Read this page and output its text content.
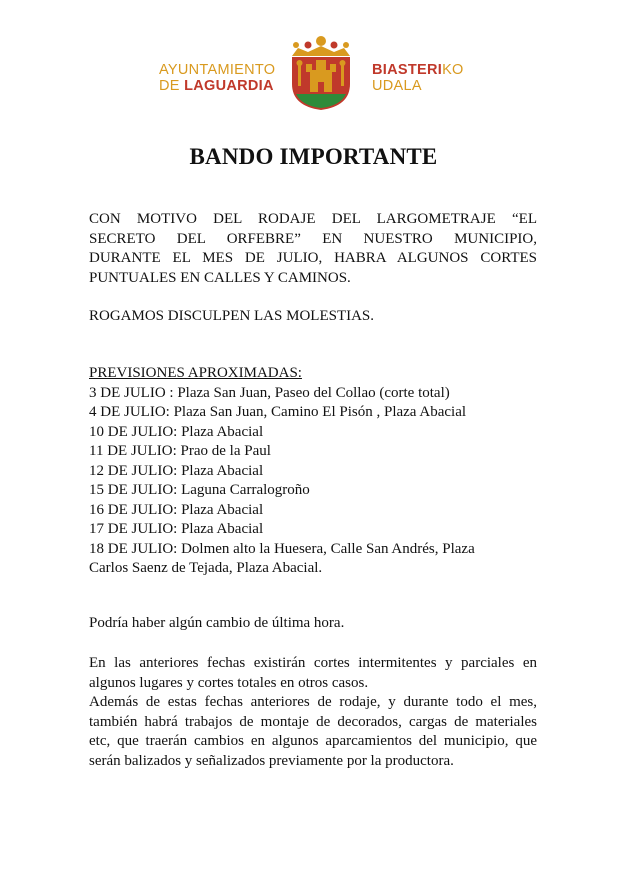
AYUNTAMIENTO
DE LAGUARDIA
BIASTERIKO
UDALA
BANDO IMPORTANTE
CON MOTIVO DEL RODAJE DEL LARGOMETRAJE “EL
SECRETO DEL ORFEBRE” EN NUESTRO MUNICIPIO,
DURANTE EL MES DE JULIO, HABRA ALGUNOS CORTES
PUNTUALES EN CALLES Y CAMINOS.
ROGAMOS DISCULPEN LAS MOLESTIAS.
PREVISIONES APROXIMADAS:
3 DE JULIO : Plaza San Juan, Paseo del Collao (corte total)
4 DE JULIO: Plaza San Juan, Camino El Pisón , Plaza Abacial
10 DE JULIO: Plaza Abacial
11 DE JULIO: Prao de la Paul
12 DE JULIO: Plaza Abacial
15 DE JULIO: Laguna Carralogroño
16 DE JULIO: Plaza Abacial
17 DE JULIO: Plaza Abacial
18 DE JULIO: Dolmen alto la Huesera, Calle San Andrés, Plaza
Carlos Saenz de Tejada, Plaza Abacial.
Podría haber algún cambio de última hora.
En las anteriores fechas existirán cortes intermitentes y parciales en
algunos lugares y cortes totales en otros casos.
Además de estas fechas anteriores de rodaje, y durante todo el mes,
también habrá trabajos de montaje de decorados, cargas de materiales
etc, que traerán cambios en algunos aparcamientos del municipio, que
serán balizados y señalizados previamente por la productora.
